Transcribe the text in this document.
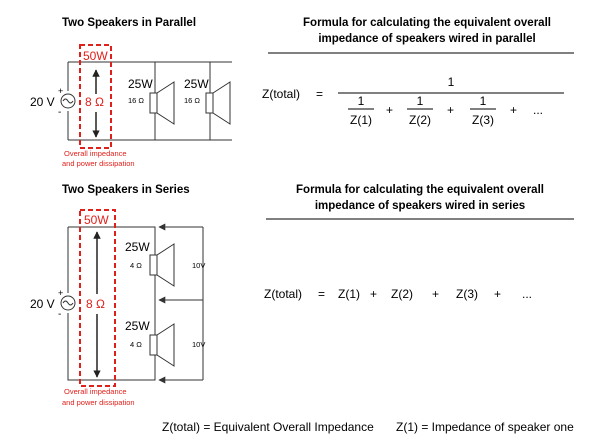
Two Speakers in Parallel
20 V
+
-
50W
8 Ω
Overall impedance
and power dissipation
25W
16 Ω
25W
16 Ω
Formula for calculating the equivalent overall
impedance of speakers wired in parallel
Z(total) =
1
1
Z(1)
+
1
Z(2)
+
1
Z(3)
+ ...
Two Speakers in Series
20 V
+
-
50W
8 Ω
Overall impedance
and power dissipation
25W
4 Ω
25W
4 Ω
10V
10V
Formula for calculating the equivalent overall
impedance of speakers wired in series
Z(total) = Z(1) + Z(2) + Z(3) + ...
Z(total) = Equivalent Overall Impedance Z(1) = Impedance of speaker one
